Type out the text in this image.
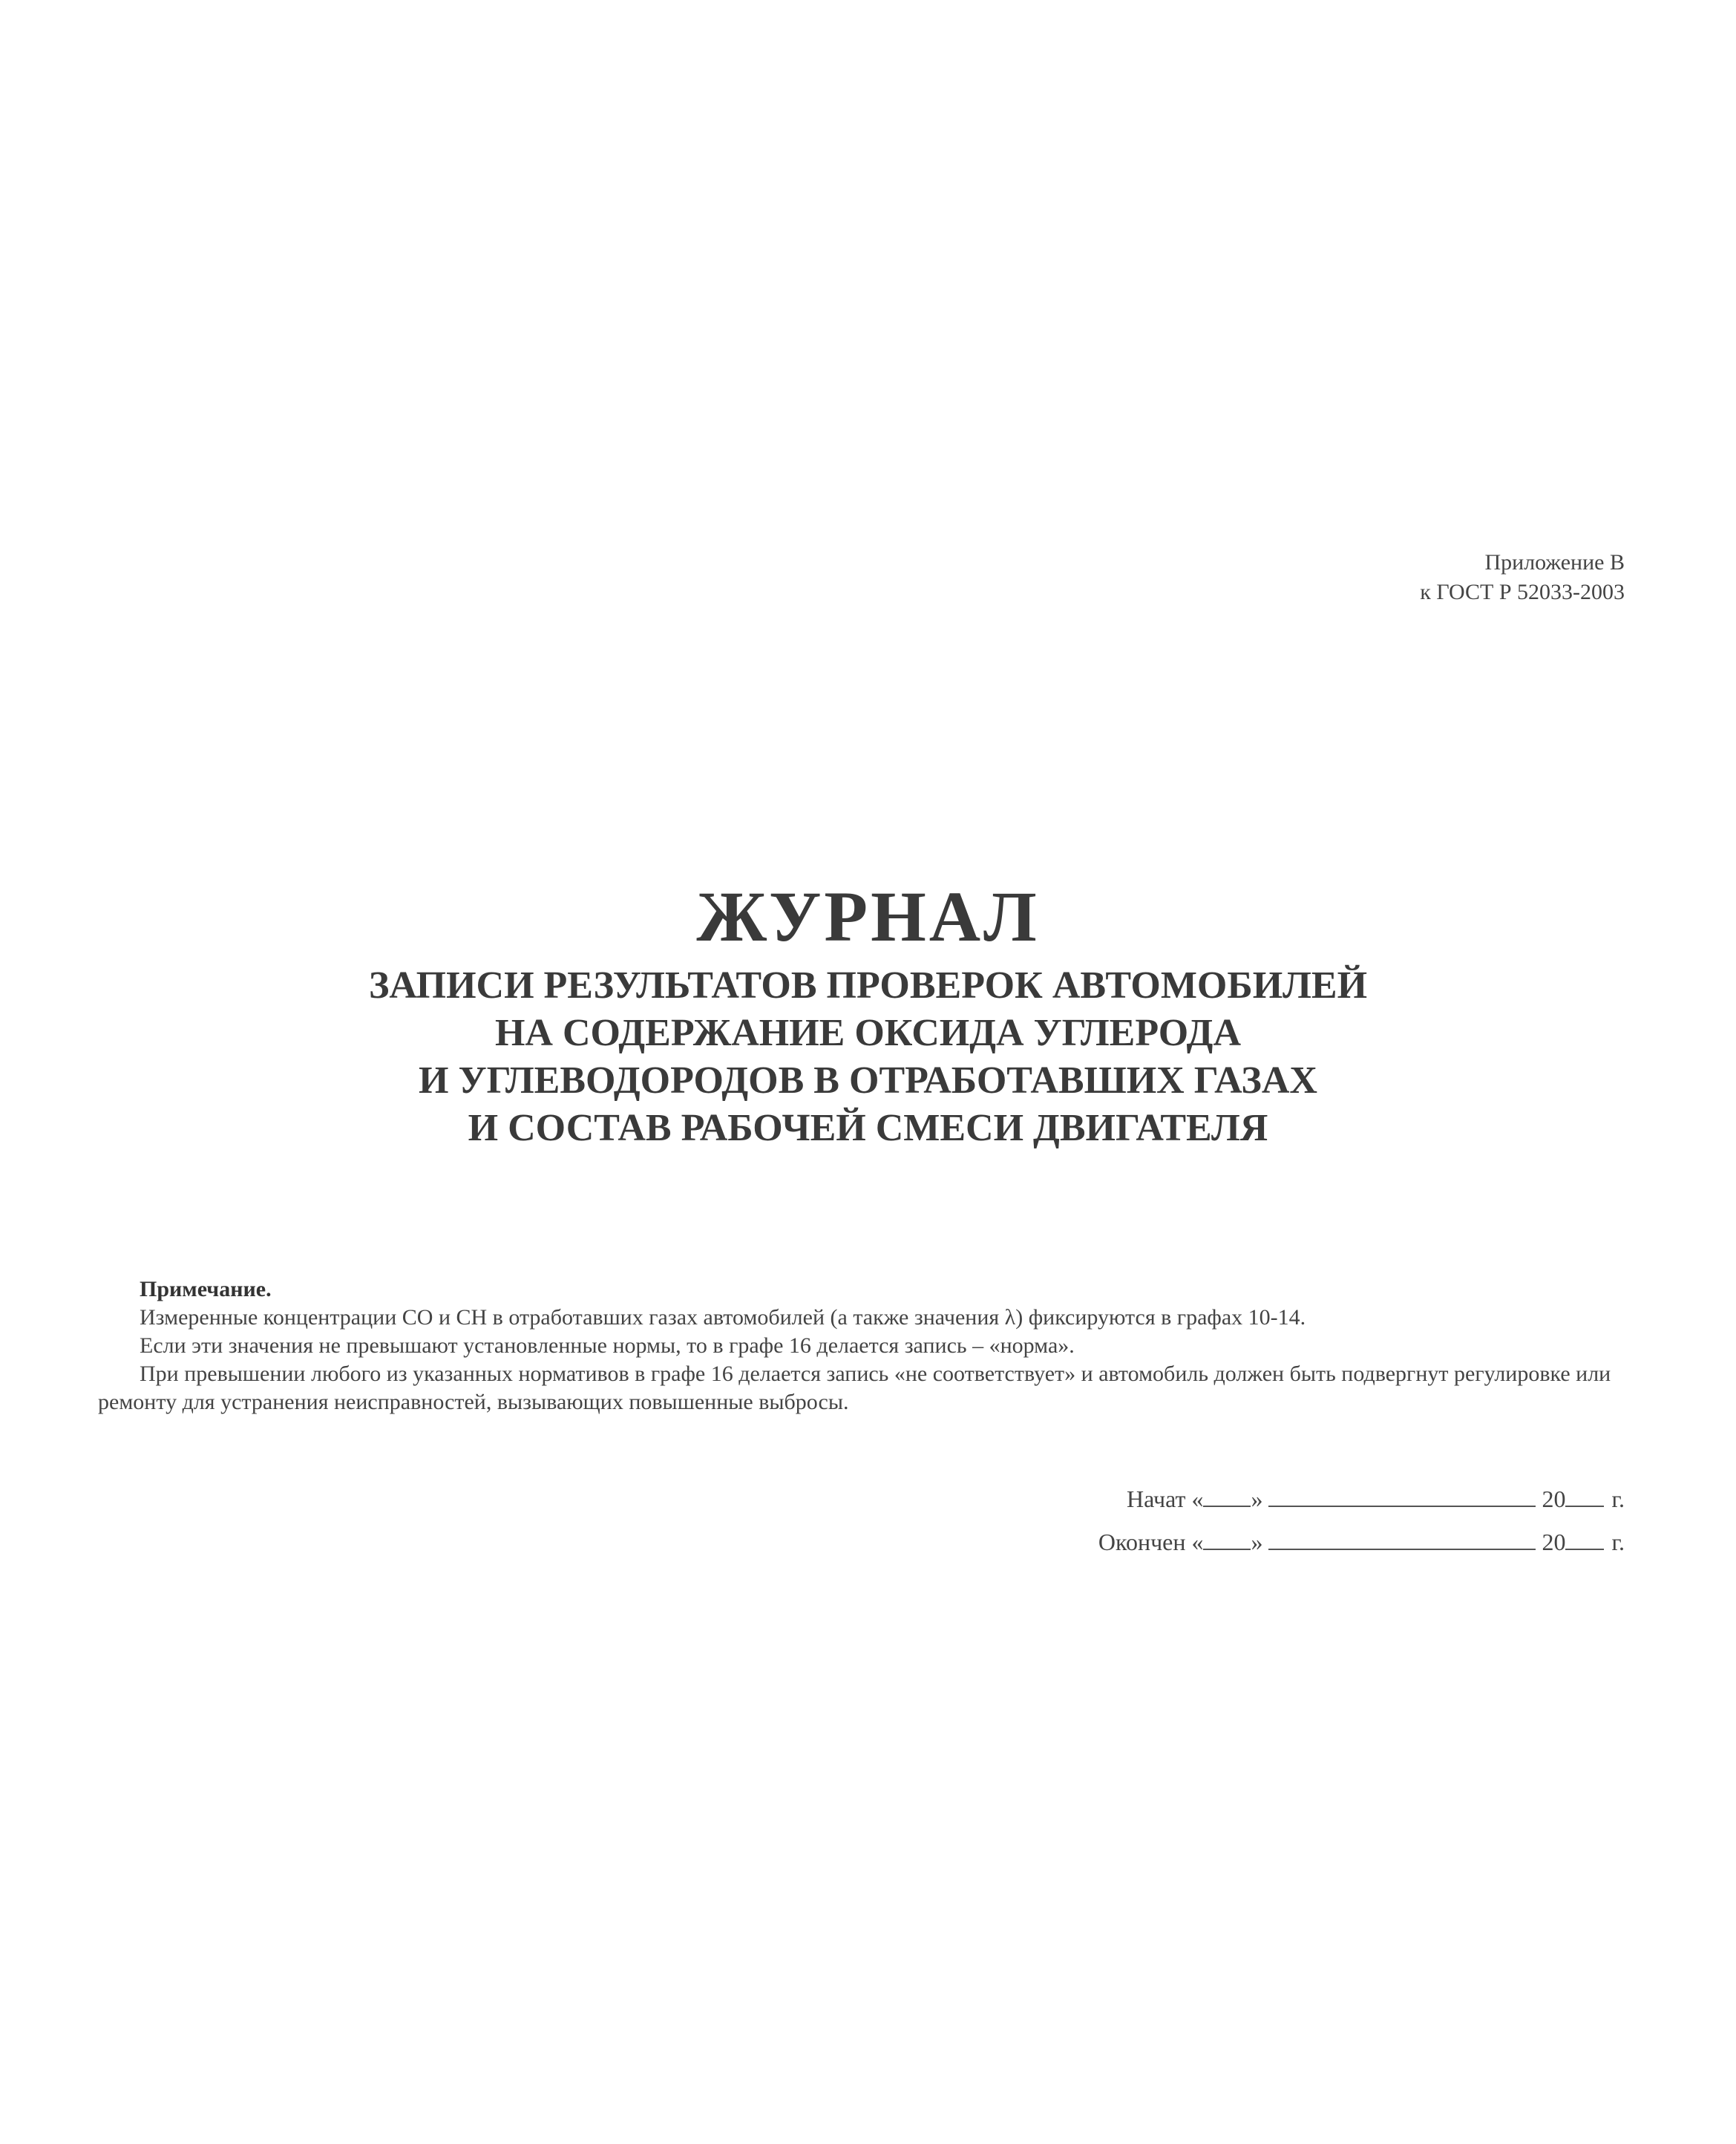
Приложение В
к ГОСТ Р 52033-2003
ЖУРНАЛ
ЗАПИСИ РЕЗУЛЬТАТОВ ПРОВЕРОК АВТОМОБИЛЕЙ
НА СОДЕРЖАНИЕ ОКСИДА УГЛЕРОДА
И УГЛЕВОДОРОДОВ В ОТРАБОТАВШИХ ГАЗАХ
И СОСТАВ РАБОЧЕЙ СМЕСИ ДВИГАТЕЛЯ
Примечание.

Измеренные концентрации CO и CH в отработавших газах автомобилей (а также значения λ) фиксируются в графах 10-14.

Если эти значения не превышают установленные нормы, то в графе 16 делается запись – «норма».

При превышении любого из указанных нормативов в графе 16 делается запись «не соответствует» и автомобиль должен быть подвергнут регулировке или ремонту для устранения неисправностей, вызывающих повышенные выбросы.

Начат « »	20 г.
Окончен « »	20 г.
